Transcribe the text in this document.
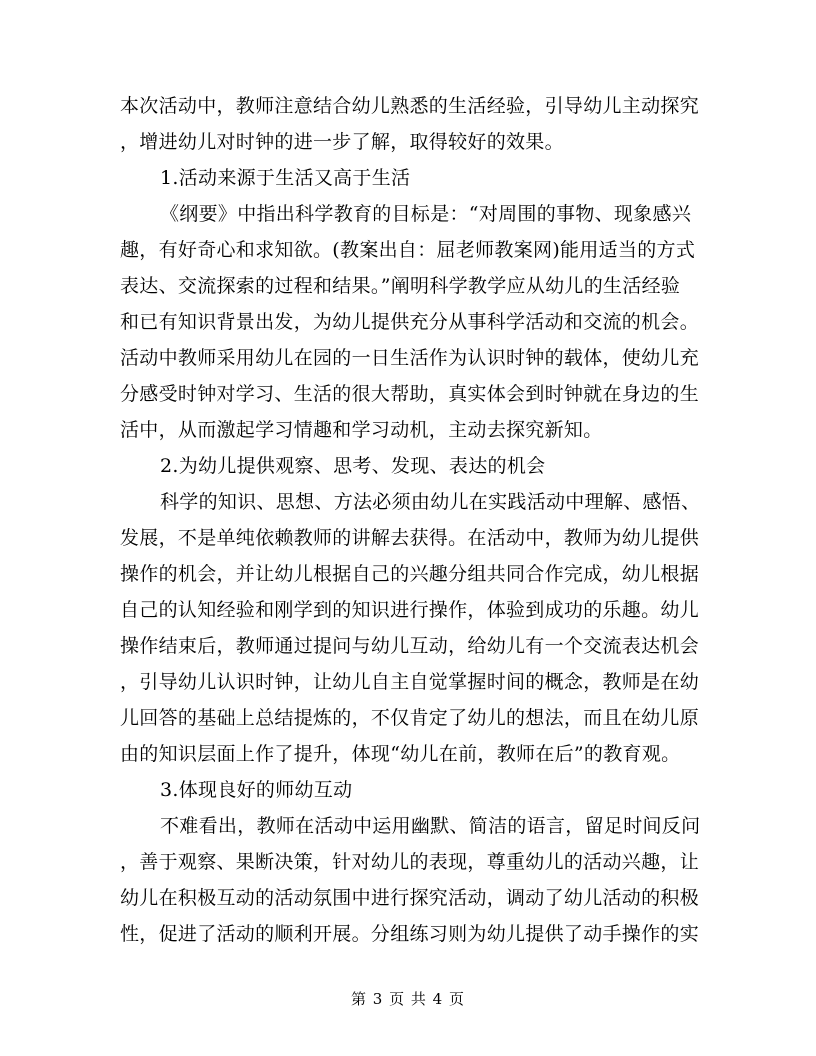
本次活动中，教师注意结合幼儿熟悉的生活经验，引导幼儿主动探究
，增进幼儿对时钟的进一步了解，取得较好的效果。
1.活动来源于生活又高于生活
《纲要》中指出科学教育的目标是：“对周围的事物、现象感兴
趣，有好奇心和求知欲。(教案出自：屈老师教案网)能用适当的方式
表达、交流探索的过程和结果。”阐明科学教学应从幼儿的生活经验
和已有知识背景出发，为幼儿提供充分从事科学活动和交流的机会。
活动中教师采用幼儿在园的一日生活作为认识时钟的载体，使幼儿充
分感受时钟对学习、生活的很大帮助，真实体会到时钟就在身边的生
活中，从而激起学习情趣和学习动机，主动去探究新知。
2.为幼儿提供观察、思考、发现、表达的机会
科学的知识、思想、方法必须由幼儿在实践活动中理解、感悟、
发展，不是单纯依赖教师的讲解去获得。在活动中，教师为幼儿提供
操作的机会，并让幼儿根据自己的兴趣分组共同合作完成，幼儿根据
自己的认知经验和刚学到的知识进行操作，体验到成功的乐趣。幼儿
操作结束后，教师通过提问与幼儿互动，给幼儿有一个交流表达机会
，引导幼儿认识时钟，让幼儿自主自觉掌握时间的概念，教师是在幼
儿回答的基础上总结提炼的，不仅肯定了幼儿的想法，而且在幼儿原
由的知识层面上作了提升，体现“幼儿在前，教师在后”的教育观。
3.体现良好的师幼互动
不难看出，教师在活动中运用幽默、简洁的语言，留足时间反问
，善于观察、果断决策，针对幼儿的表现，尊重幼儿的活动兴趣，让
幼儿在积极互动的活动氛围中进行探究活动，调动了幼儿活动的积极
性，促进了活动的顺利开展。分组练习则为幼儿提供了动手操作的实
第 3 页 共 4 页
